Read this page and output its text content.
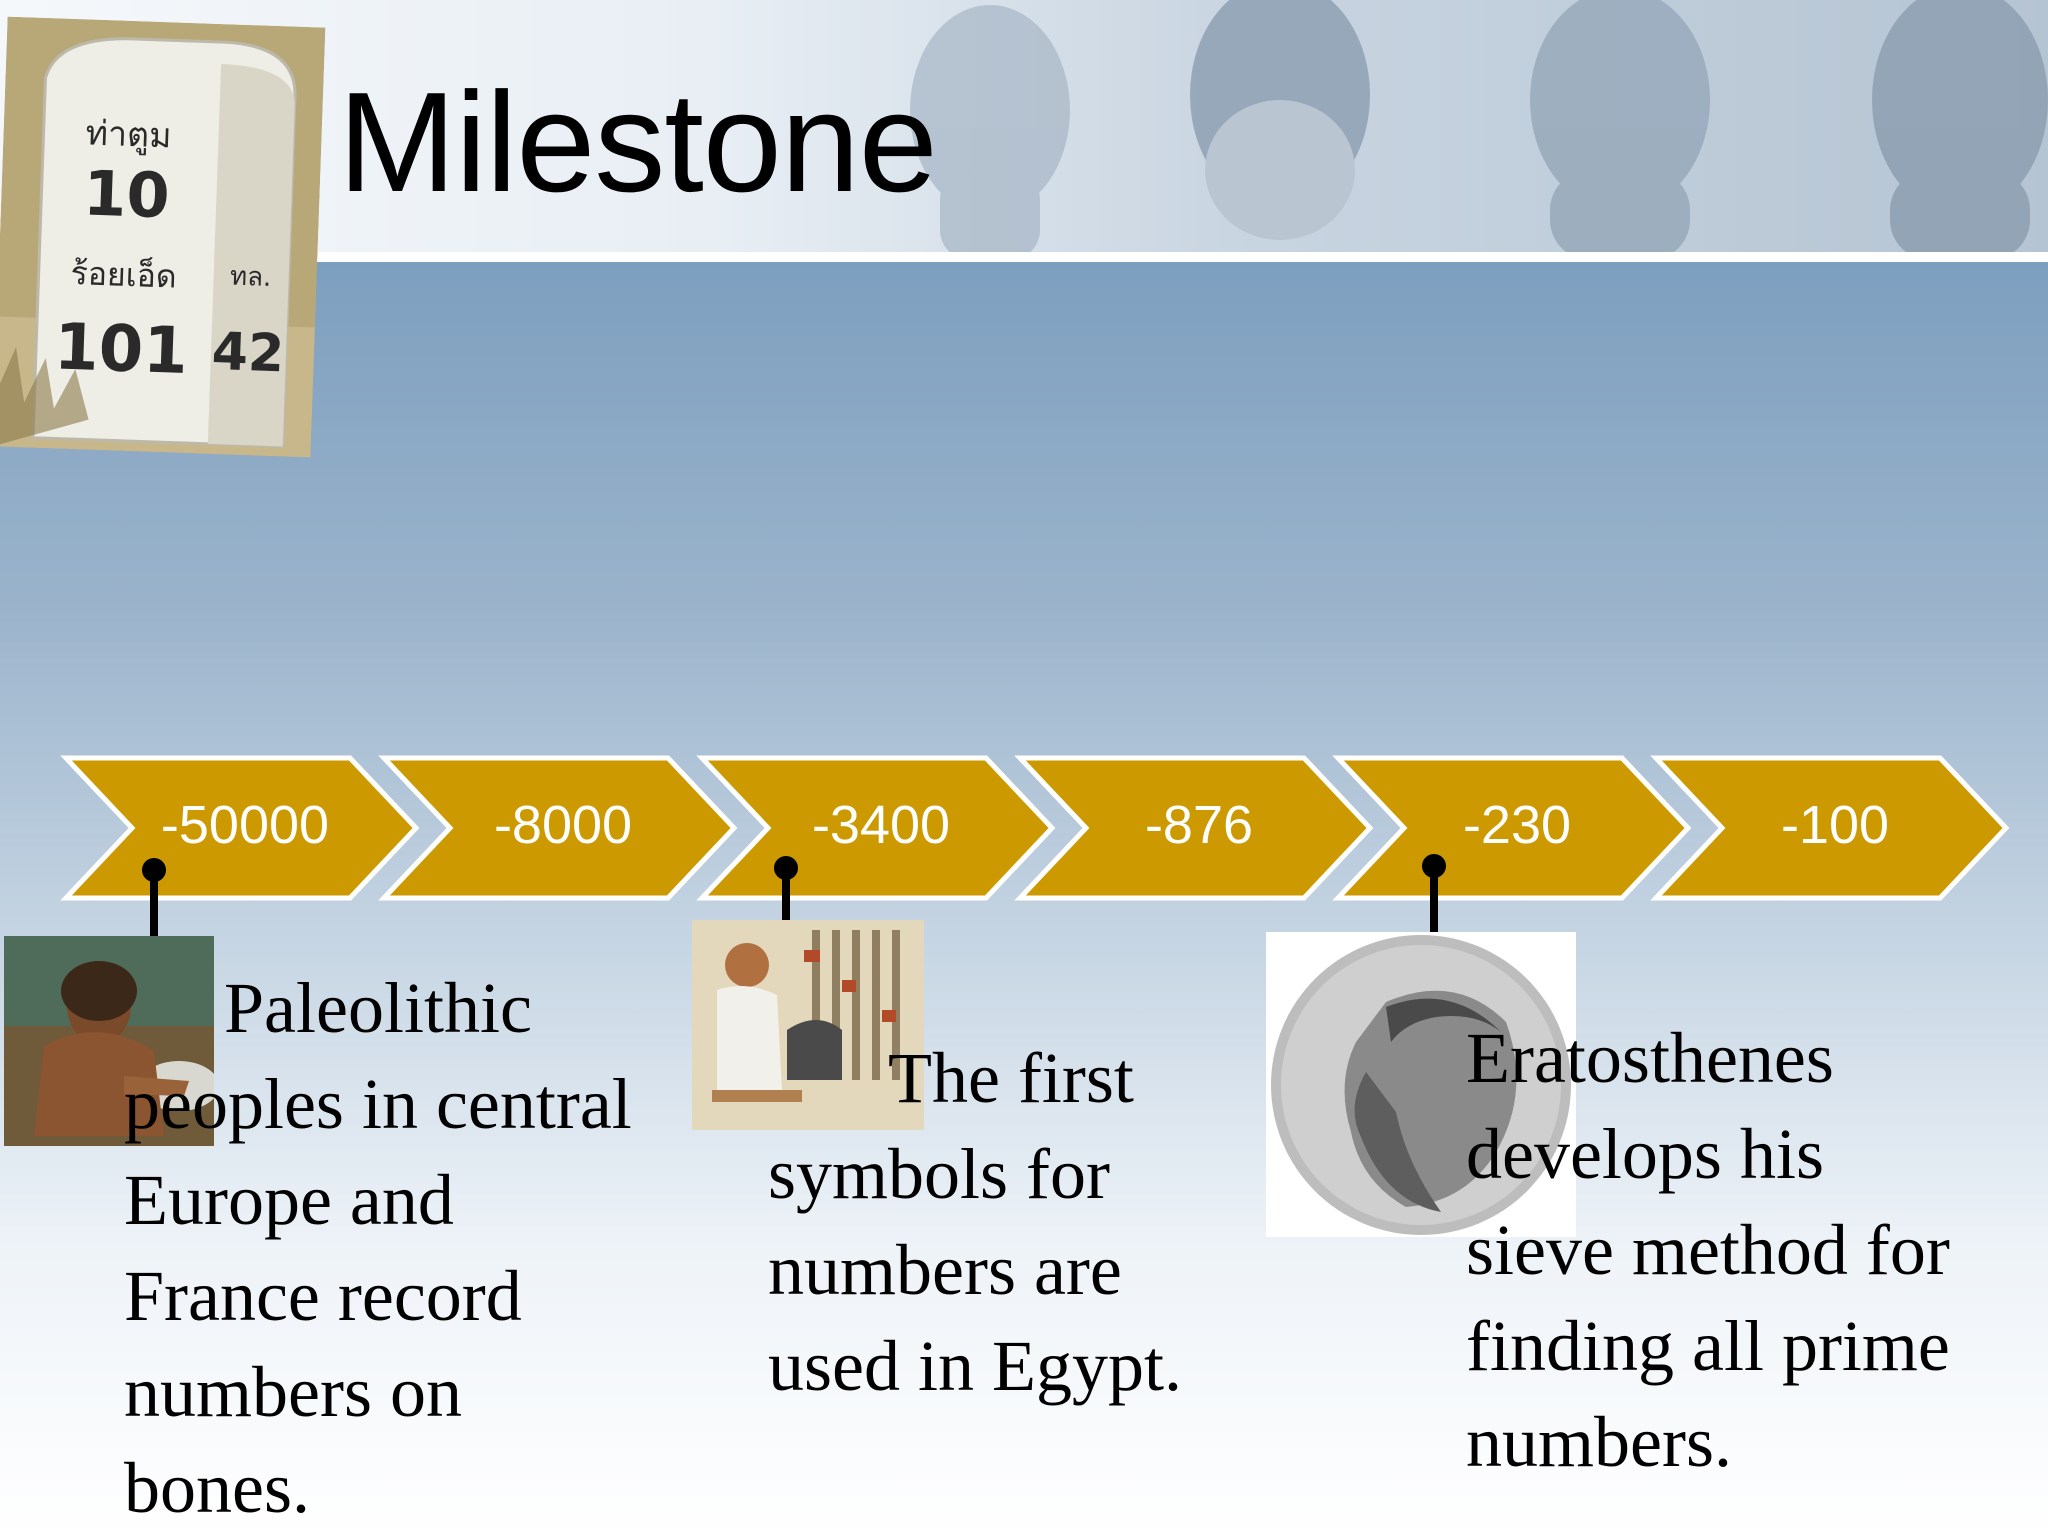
ท่าตูม
10
ร้อยเอ็ด
101
ทล.
42
Milestone
-50000	-8000	-3400	-876	-230	-100
Paleolithic
peoples in central
Europe and
France record
numbers on
bones.
The first
symbols for
numbers are
used in Egypt.
Eratosthenes
develops his
sieve method for
finding all prime
numbers.
